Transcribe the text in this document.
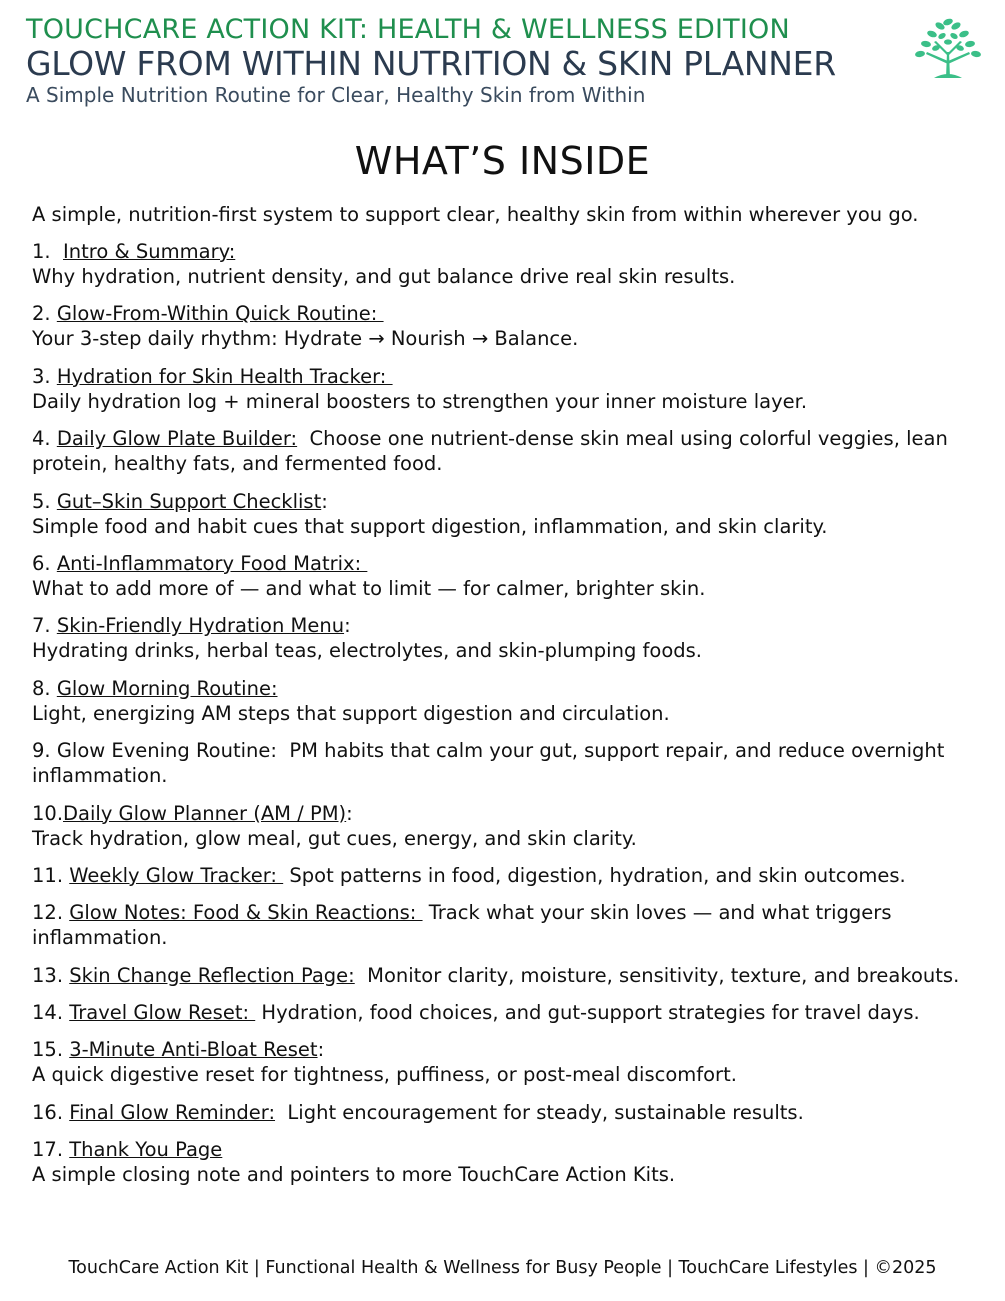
TOUCHCARE ACTION KIT: HEALTH & WELLNESS EDITION
GLOW FROM WITHIN NUTRITION & SKIN PLANNER
A Simple Nutrition Routine for Clear, Healthy Skin from Within
WHAT’S INSIDE
A simple, nutrition-first system to support clear, healthy skin from within wherever you go.
1.  Intro & Summary:
Why hydration, nutrient density, and gut balance drive real skin results.
2. Glow-From-Within Quick Routine:
Your 3-step daily rhythm: Hydrate → Nourish → Balance.
3. Hydration for Skin Health Tracker:
Daily hydration log + mineral boosters to strengthen your inner moisture layer.
4. Daily Glow Plate Builder:  Choose one nutrient-dense skin meal using colorful veggies, lean protein, healthy fats, and fermented food.
5. Gut–Skin Support Checklist:
Simple food and habit cues that support digestion, inflammation, and skin clarity.
6. Anti-Inflammatory Food Matrix:
What to add more of — and what to limit — for calmer, brighter skin.
7. Skin-Friendly Hydration Menu:
Hydrating drinks, herbal teas, electrolytes, and skin-plumping foods.
8. Glow Morning Routine:
Light, energizing AM steps that support digestion and circulation.
9. Glow Evening Routine:  PM habits that calm your gut, support repair, and reduce overnight inflammation.
10.Daily Glow Planner (AM / PM):
Track hydration, glow meal, gut cues, energy, and skin clarity.
11. Weekly Glow Tracker:  Spot patterns in food, digestion, hydration, and skin outcomes.
12. Glow Notes: Food & Skin Reactions:  Track what your skin loves — and what triggers inflammation.
13. Skin Change Reflection Page:  Monitor clarity, moisture, sensitivity, texture, and breakouts.
14. Travel Glow Reset:  Hydration, food choices, and gut-support strategies for travel days.
15. 3-Minute Anti-Bloat Reset:
A quick digestive reset for tightness, puffiness, or post-meal discomfort.
16. Final Glow Reminder:  Light encouragement for steady, sustainable results.
17. Thank You Page
A simple closing note and pointers to more TouchCare Action Kits.
TouchCare Action Kit | Functional Health & Wellness for Busy People | TouchCare Lifestyles | ©2025
